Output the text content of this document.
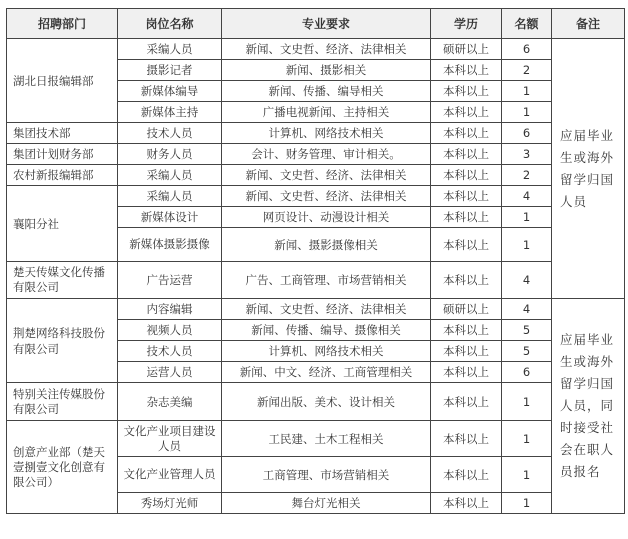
招聘部门	岗位名称	专业要求	学历	名额	备注
湖北日报编辑部	采编人员	新闻、文史哲、经济、法律相关	硕研以上	6	应届毕业生或海外留学归国人员
	摄影记者	新闻、摄影相关	本科以上	2	
	新媒体编导	新闻、传播、编导相关	本科以上	1	
	新媒体主持	广播电视新闻、主持相关	本科以上	1	
集团技术部	技术人员	计算机、网络技术相关	本科以上	6	
集团计划财务部	财务人员	会计、财务管理、审计相关。	本科以上	3	
农村新报编辑部	采编人员	新闻、文史哲、经济、法律相关	本科以上	2	
襄阳分社	采编人员	新闻、文史哲、经济、法律相关	本科以上	4	
	新媒体设计	网页设计、动漫设计相关	本科以上	1	
	新媒体摄影摄像	新闻、摄影摄像相关	本科以上	1	
楚天传媒文化传播有限公司	广告运营	广告、工商管理、市场营销相关	本科以上	4	
荆楚网络科技股份有限公司	内容编辑	新闻、文史哲、经济、法律相关	硕研以上	4	应届毕业生或海外留学归国人员，同时接受社会在职人员报名
	视频人员	新闻、传播、编导、摄像相关	本科以上	5	
	技术人员	计算机、网络技术相关	本科以上	5	
	运营人员	新闻、中文、经济、工商管理相关	本科以上	6	
特别关注传媒股份有限公司	杂志美编	新闻出版、美术、设计相关	本科以上	1	
创意产业部（楚天壹捌壹文化创意有限公司）	文化产业项目建设人员	工民建、土木工程相关	本科以上	1	
	文化产业管理人员	工商管理、市场营销相关	本科以上	1	
	秀场灯光师	舞台灯光相关	本科以上	1	
